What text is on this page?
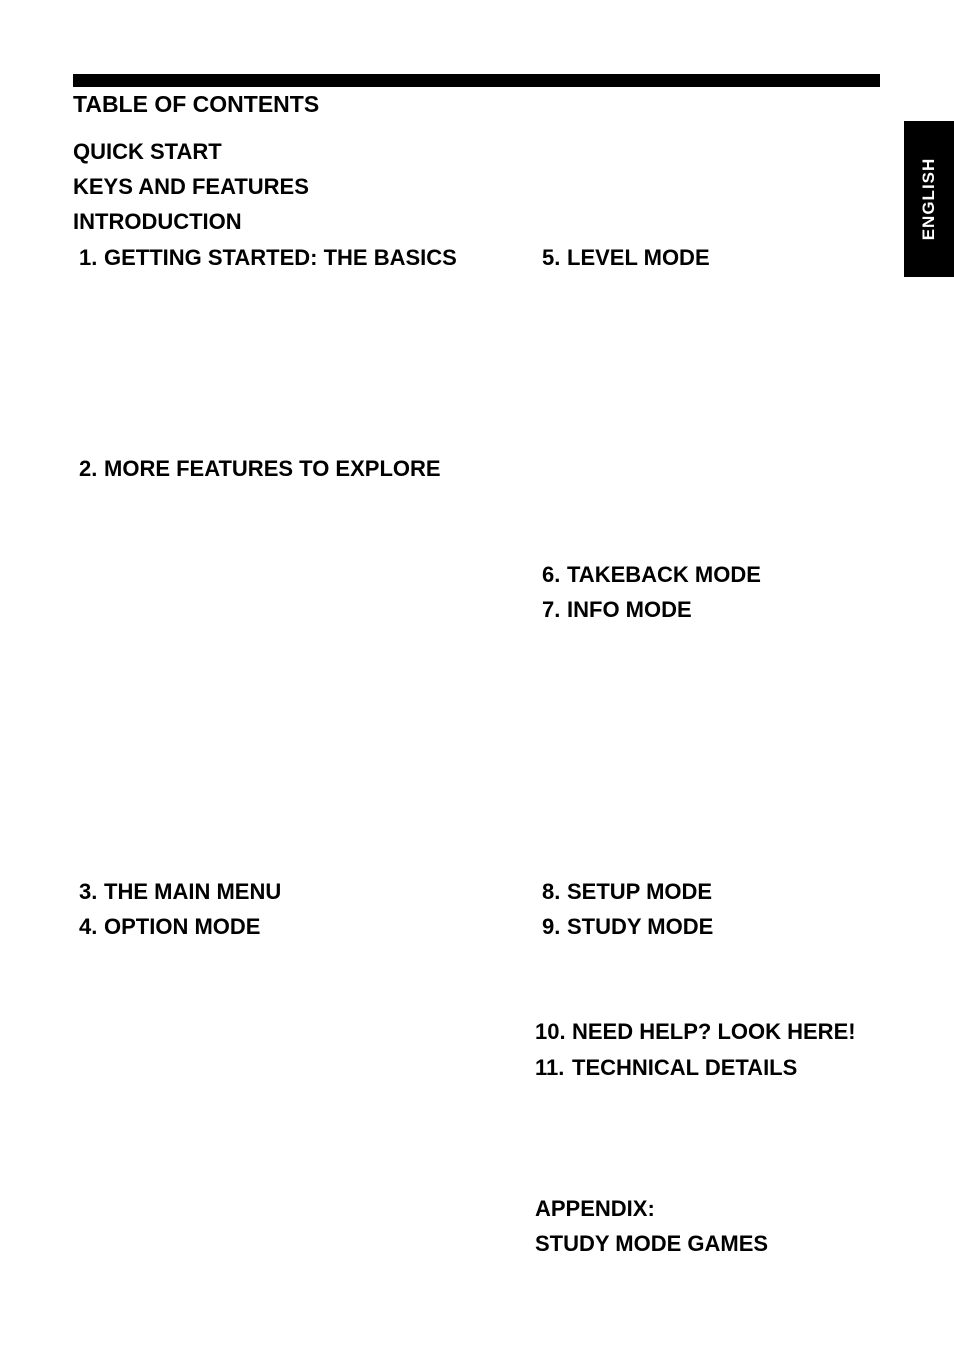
ENGLISH
TABLE OF CONTENTS
QUICK START
KEYS AND FEATURES
INTRODUCTION
1. GETTING STARTED: THE BASICS
2. MORE FEATURES TO EXPLORE
3. THE MAIN MENU
4. OPTION MODE
5. LEVEL MODE
6. TAKEBACK MODE
7. INFO MODE
8. SETUP MODE
9. STUDY MODE
10. NEED HELP? LOOK HERE!
11. TECHNICAL DETAILS
APPENDIX:
STUDY MODE GAMES
